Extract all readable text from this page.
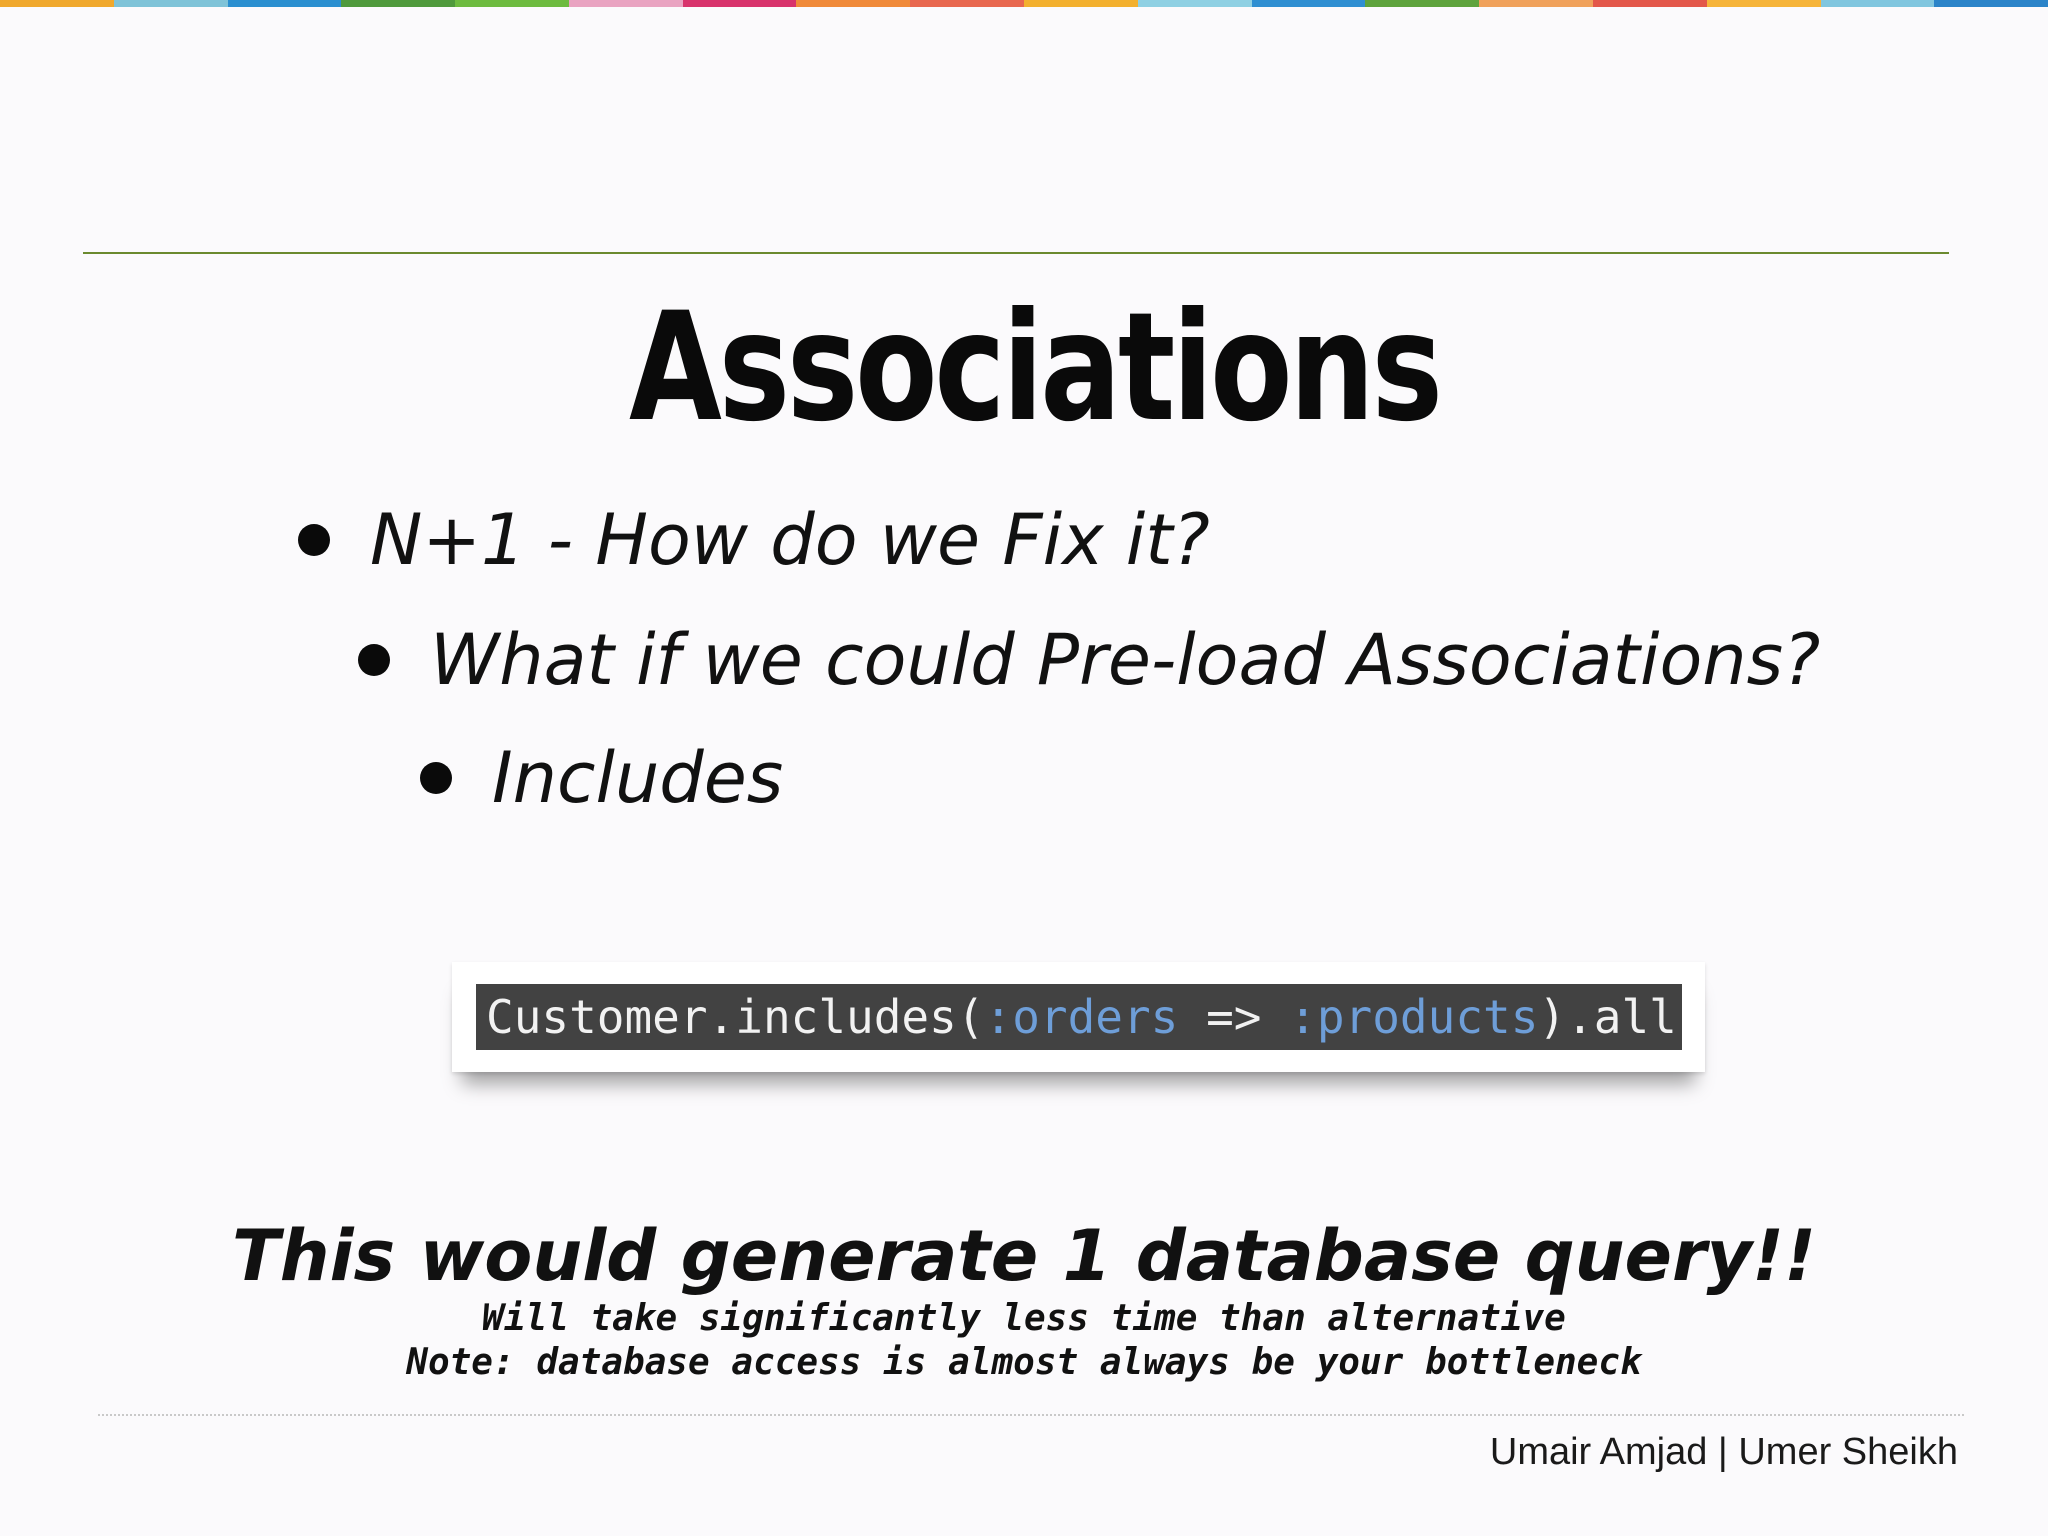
Associations
N+1 - How do we Fix it?
What if we could Pre-load Associations?
Includes
Customer.includes( :orders => :products ).all
This would generate 1 database query!!
Will take significantly less time than alternative
Note: database access is almost always be your bottleneck
Umair Amjad | Umer Sheikh
